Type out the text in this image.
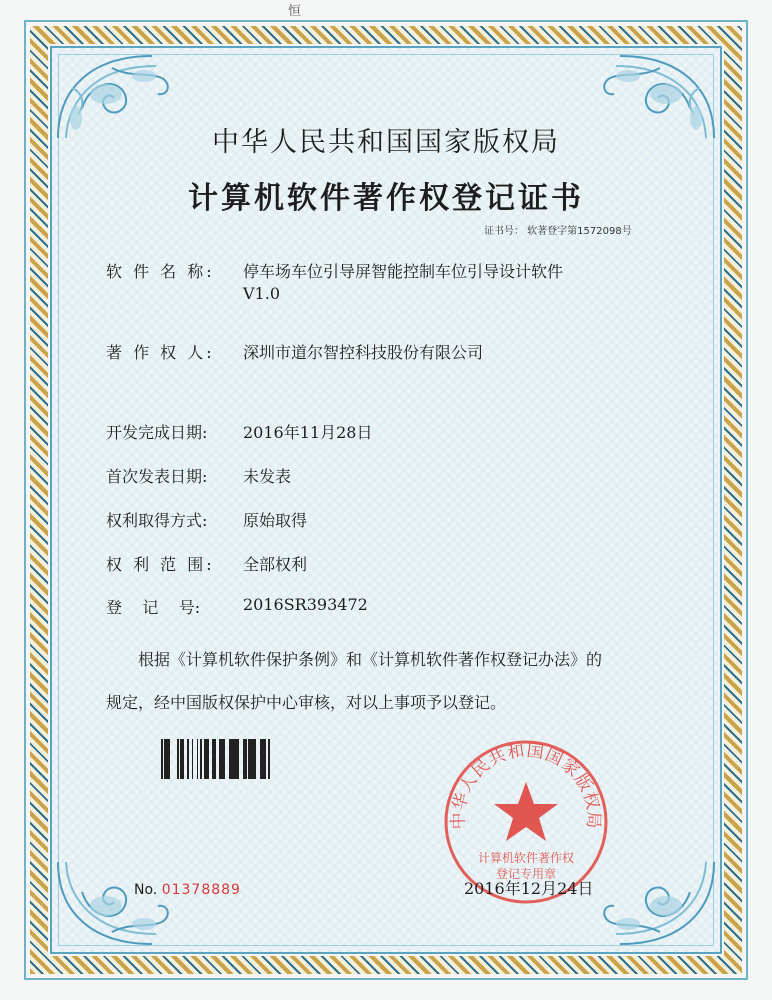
恒
中华人民共和国国家版权局
计算机软件著作权登记证书
证书号： 软著登字第1572098号
软 件 名 称:	停车场车位引导屏智能控制车位引导设计软件
V1.0
著 作 权 人:	深圳市道尔智控科技股份有限公司
开发完成日期:	2016年11月28日
首次发表日期:	未发表
权利取得方式:	原始取得
权 利 范 围:	全部权利
登    记    号:	2016SR393472
根据《计算机软件保护条例》和《计算机软件著作权登记办法》的
规定，经中国版权保护中心审核，对以上事项予以登记。
No. 01378889
中华人民共和国国家版权局
计算机软件著作权
登记专用章
2016年12月24日
